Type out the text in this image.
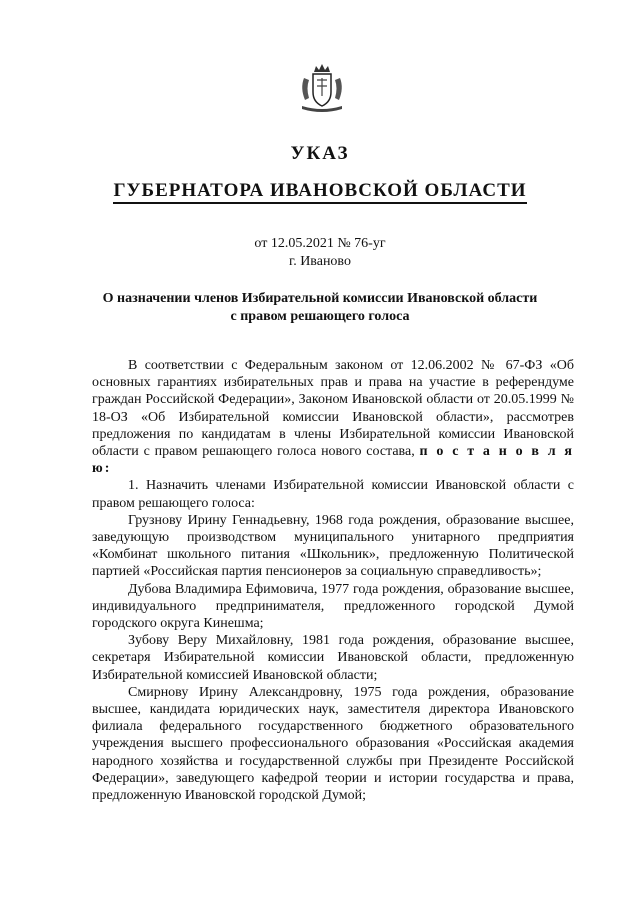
УКАЗ
ГУБЕРНАТОРА ИВАНОВСКОЙ ОБЛАСТИ
от 12.05.2021 № 76-уг
г. Иваново
О назначении членов Избирательной комиссии Ивановской области
с правом решающего голоса

В соответствии с Федеральным законом от 12.06.2002 № 67-ФЗ «Об основных гарантиях избирательных прав и права на участие в референдуме граждан Российской Федерации», Законом Ивановской области от 20.05.1999 № 18-ОЗ «Об Избирательной комиссии Ивановской области», рассмотрев предложения по кандидатам в члены Избирательной комиссии Ивановской области с правом решающего голоса нового состава, п о с т а н о в л я ю:

1. Назначить членами Избирательной комиссии Ивановской области с правом решающего голоса:

Грузнову Ирину Геннадьевну, 1968 года рождения, образование высшее, заведующую производством муниципального унитарного предприятия «Комбинат школьного питания «Школьник», предложенную Политической партией «Российская партия пенсионеров за социальную справедливость»;

Дубова Владимира Ефимовича, 1977 года рождения, образование высшее, индивидуального предпринимателя, предложенного городской Думой городского округа Кинешма;

Зубову Веру Михайловну, 1981 года рождения, образование высшее, секретаря Избирательной комиссии Ивановской области, предложенную Избирательной комиссией Ивановской области;

Смирнову Ирину Александровну, 1975 года рождения, образование высшее, кандидата юридических наук, заместителя директора Ивановского филиала федерального государственного бюджетного образовательного учреждения высшего профессионального образования «Российская академия народного хозяйства и государственной службы при Президенте Российской Федерации», заведующего кафедрой теории и истории государства и права, предложенную Ивановской городской Думой;
